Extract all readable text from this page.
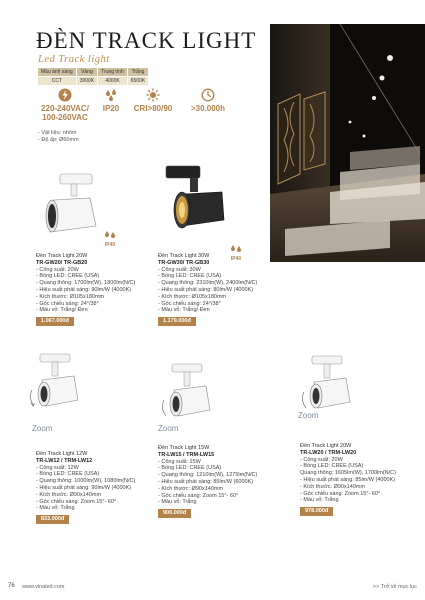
ĐÈN TRACK LIGHT
Led Track light
Màu ánh sáng	Vàng	Trung tính	Trắng
CCT	3000K	4000K	6500K
220-240VAC/
100-260VAC
IP20	CRI>80/90	>30.000h
- Vật liệu: nhôm
- Độ ẩp: Ø60mm
IP40
IP40
Đèn Track Light 20W
TR-GW20/ TR-GB20
- Công suất: 20W
- Bóng LED: CREE (USA)
- Quang thông: 1700lm(W), 1800lm(N/C)
- Hiệu suất phát sáng: 90lm/W (4000K)
- Kích thước: Ø105x180mm
- Góc chiếu sáng: 24°/38°
- Màu vỏ: Trắng/ Đen
1.067.000đ
Đèn Track Light 30W
TR-GW30/ TR-GB30
- Công suất: 30W
- Bóng LED: CREE (USA)
- Quang thông: 2310lm(W), 2400lm(N/C)
- Hiệu suất phát sáng: 80lm/W (4000K)
- Kích thước: Ø105x180mm
- Góc chiếu sáng: 24°/38°
- Màu vỏ: Trắng/ Đen
1.179.000đ
Zoom	Zoom
Zoom
Đèn Track Light 12W
TR-LW12 / TRM-LW12
- Công suất: 12W
- Bóng LED: CREE (USA)
- Quang thông: 1000lm(W), 1080lm(N/C)
- Hiệu suất phát sáng: 90lm/W (4000K)
- Kích thước: Ø90x140mm
- Góc chiếu sáng: Zoom 15°- 60°
- Màu vỏ: Trắng
833.000đ
Đèn Track Light 15W
TR-LW15 / TRM-LW15
- Công suất: 15W
- Bóng LED: CREE (USA)
- Quang thông: 1210lm(W), 1275lm(N/C)
- Hiệu suất phát sáng: 85lm/W (6000K)
- Kích thước: Ø90x140mm
- Góc chiếu sáng: Zoom 15°- 60°
- Màu vỏ: Trắng
900.000đ
Đèn Track Light 20W
TR-LW20 / TRM-LW20
- Công suất: 20W
- Bóng LED: CREE (USA)
Quang thông: 1605lm(W), 1700lm(N/C)
- Hiệu suất phát sáng: 85lm/W (4000K)
- Kích thước: Ø90x140mm
- Góc chiếu sáng: Zoom 15°- 60°
- Màu vỏ: Trắng
978.000đ
76 www.vinaled.com	>> Trở về mục lục
